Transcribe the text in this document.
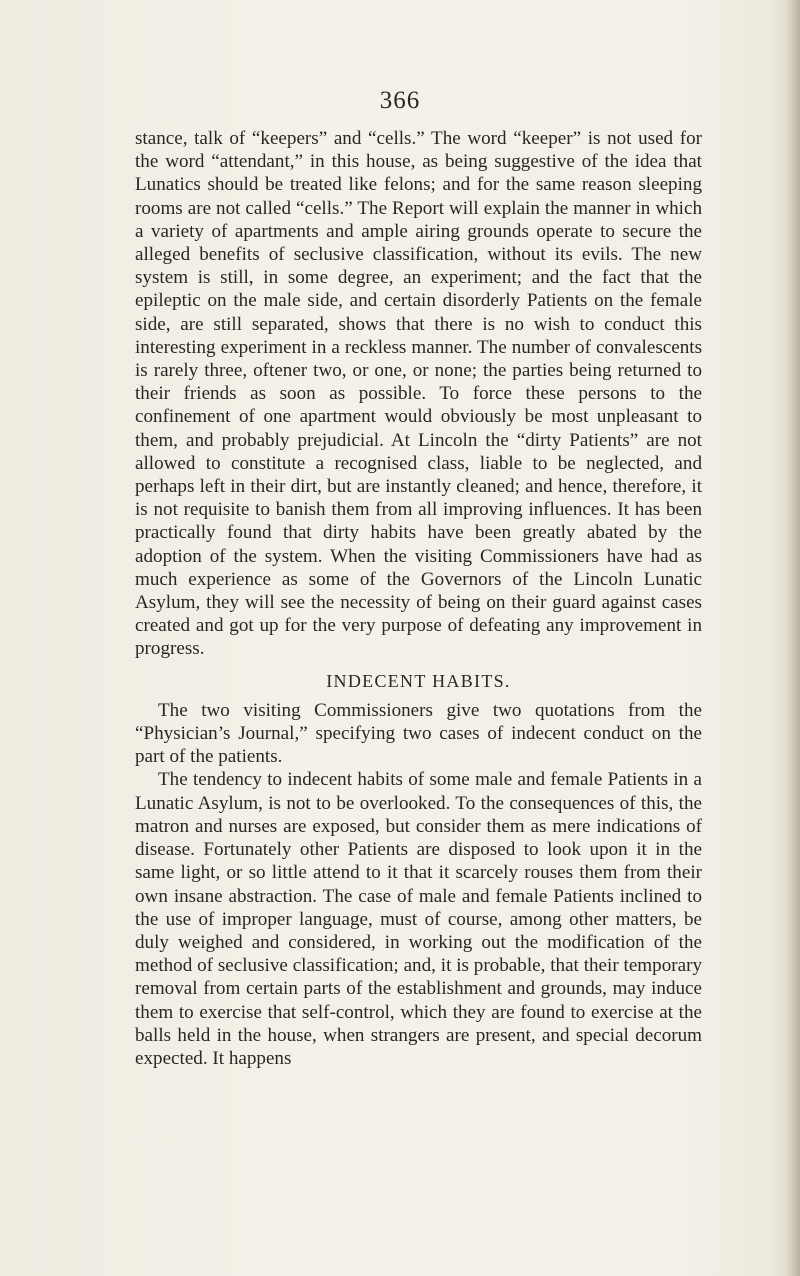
366

stance, talk of “keepers” and “cells.” The word “keeper” is not used for the word “attendant,” in this house, as being suggestive of the idea that Lunatics should be treated like felons; and for the same reason sleeping rooms are not called “cells.” The Report will explain the manner in which a variety of apartments and ample airing grounds operate to secure the alleged benefits of seclusive classification, without its evils. The new system is still, in some degree, an experiment; and the fact that the epileptic on the male side, and certain disorderly Patients on the female side, are still separated, shows that there is no wish to conduct this interesting experiment in a reckless manner. The number of convalescents is rarely three, oftener two, or one, or none; the parties being returned to their friends as soon as possible. To force these persons to the confinement of one apartment would obviously be most unpleasant to them, and probably prejudicial. At Lincoln the “dirty Patients” are not allowed to constitute a recognised class, liable to be neglected, and perhaps left in their dirt, but are instantly cleaned; and hence, therefore, it is not requisite to banish them from all improving influences. It has been practically found that dirty habits have been greatly abated by the adoption of the system. When the visiting Commissioners have had as much experience as some of the Governors of the Lincoln Lunatic Asylum, they will see the necessity of being on their guard against cases created and got up for the very purpose of defeating any improvement in progress.

INDECENT HABITS.

The two visiting Commissioners give two quotations from the “Physician’s Journal,” specifying two cases of indecent conduct on the part of the patients.

The tendency to indecent habits of some male and female Patients in a Lunatic Asylum, is not to be overlooked. To the consequences of this, the matron and nurses are exposed, but consider them as mere indications of disease. Fortunately other Patients are disposed to look upon it in the same light, or so little attend to it that it scarcely rouses them from their own insane abstraction. The case of male and female Patients inclined to the use of improper language, must of course, among other matters, be duly weighed and considered, in working out the modification of the method of seclusive classification; and, it is probable, that their temporary removal from certain parts of the establishment and grounds, may induce them to exercise that self-control, which they are found to exercise at the balls held in the house, when strangers are present, and special decorum expected. It happens
